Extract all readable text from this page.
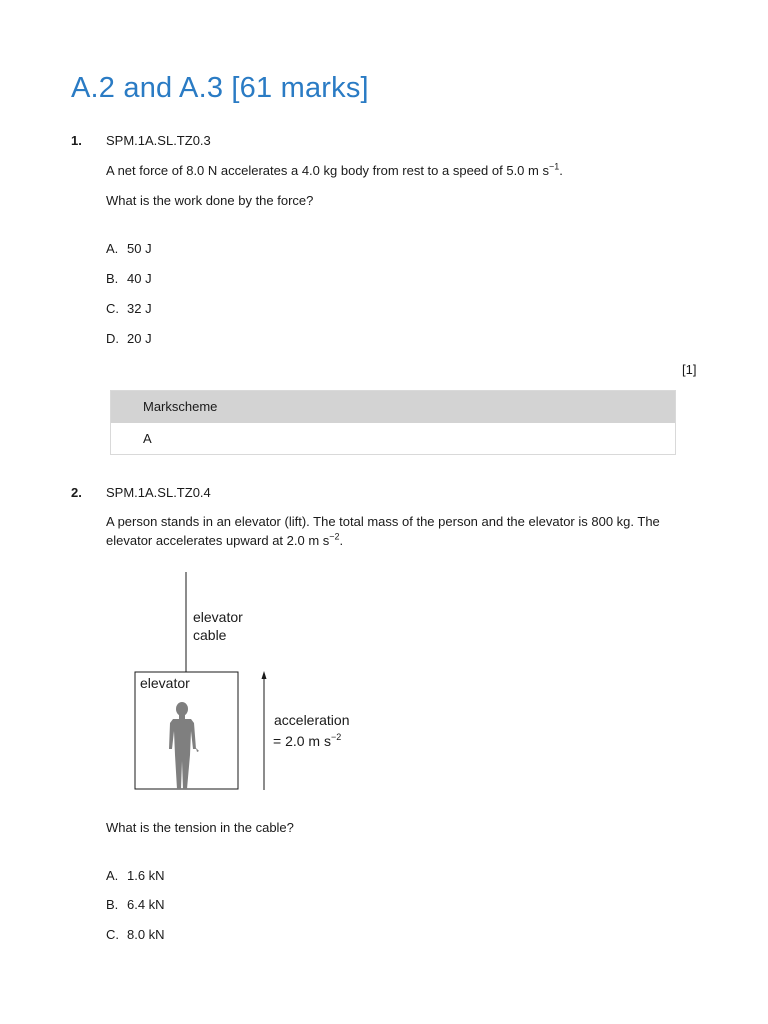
A.2 and A.3 [61 marks]
1. SPM.1A.SL.TZ0.3
A net force of 8.0 N accelerates a 4.0 kg body from rest to a speed of 5.0 m $s^{-1}$.
What is the work done by the force?
A. 50 J
B. 40 J
C. 32 J
D. 20 J
[1]
Markscheme
A
2. SPM.1A.SL.TZ0.4
A person stands in an elevator (lift). The total mass of the person and the elevator is 800 kg. The elevator accelerates upward at 2.0 m $s^{-2}$.
elevator
cable
elevator
acceleration
= 2.0 m $s^{-2}$
What is the tension in the cable?
A. 1.6 kN
B. 6.4 kN
C. 8.0 kN
